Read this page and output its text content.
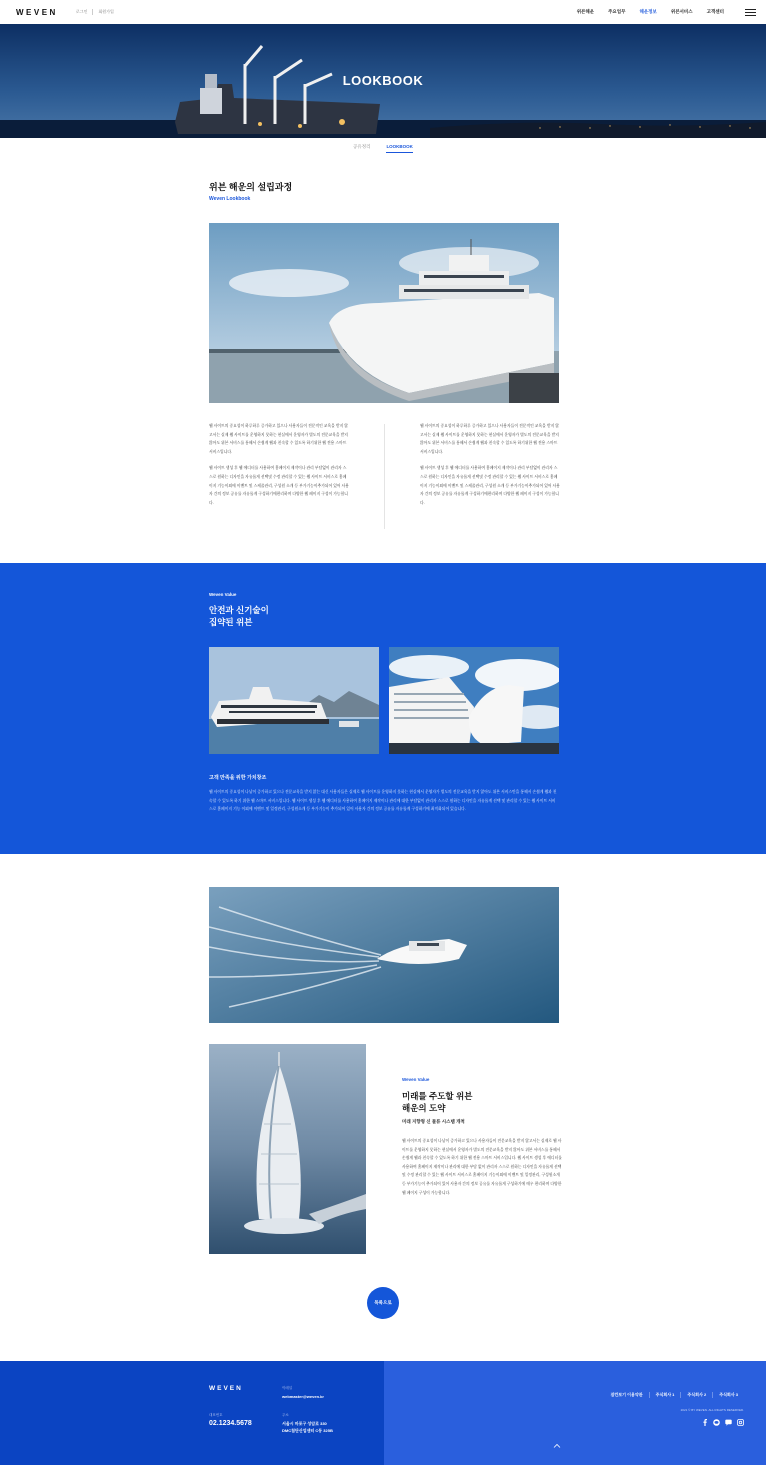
WEVEN	로그인	회원가입	위븐해운	주요업무	해운정보	위븐서비스	고객센터
LOOKBOOK
공유정리	LOOKBOOK
위븐 해운의 설립과정
Weven Lookbook

웹 사이트의 중요성이 하루하루 증가하고 있으나 사용자들이 전문적인 교육을 받지 않고서는 실제 웹 사이트를 운영하지 못하는 현실에서 운영자가 별도의 전문교육을 받지 않아도 위븐 서비스를 통해서 손쉽게 웹과 친숙할 수 있도록 하기위한 웹 전용 스마트 서비스입니다.

웹 사이트 생성 후 웹 에디터를 사용하여 홈페이지 제작이나 관리 부담없이 관리자 스스로 원하는 디자인을 자유롭게 선택및 수정 관리할 수 있는 웹 사이트 서비스로 홈페이지 기능이외에 이벤트 및 스케줄관리, 구성원 소개 등 부가기능이추가되어 있어 사용자 간의 정보 공유를 자유롭게 구성하기에편리하며 다양한 웹 페이지 구성이 가능합니다.

웹 사이트의 중요성이 하루하루 증가하고 있으나 사용자들이 전문적인 교육을 받지 않고서는 실제 웹 사이트를 운영하지 못하는 현실에서 운영자가 별도의 전문교육을 받지 않아도 위븐 서비스를 통해서 손쉽게 웹과 친숙할 수 있도록 하기위한 웹 전용 스마트 서비스입니다.

웹 사이트 생성 후 웹 에디터를 사용하여 홈페이지 제작이나 관리 부담없이 관리자 스스로 원하는 디자인을 자유롭게 선택및 수정 관리할 수 있는 웹 사이트 서비스로 홈페이지 기능이외에 이벤트 및 스케줄관리, 구성원 소개 등 부가기능이추가되어 있어 사용자 간의 정보 공유를 자유롭게 구성하기에편리하며 다양한 웹 페이지 구성이 가능합니다.

Weven Value
안전과 신기술이
집약된 위븐
고객 만족을 위한 가치창조
웹 사이트의 중요성이 나날이 증가하고 있으나 전문교육을 받지 않는 대신 사용자들은 실제로 웹 사이트를 운영하지 못하는 현실에서 운영자가 별도의 전문교육을 받지 않아도 위븐 서비스만을 통해서 손쉽게 웹과 친숙할 수 있도록 하기 위한 웹 스마트 서비스입니다. 웹 사이트 생성 후 웹 에디터를 사용하여 홈페이지 제작이나 관리에 대한 부담없이 관리자 스스로 원하는 디자인을 자유롭게 선택 및 관리할 수 있는 웹 사이트 서비스로 홈페이지 기능 이외에 이벤트 및 일정관리, 구성원소개 등 부가기능이 추가되어 있어 사용자 간의 정보 공유를 자유롭게 구성하기에 최적화되어 있습니다.
Weven Value
미래를 주도할 위븐
해운의 도약
미래 지향형 신 물류 시스템 개척
웹 사이트의 중요성이 나날이 증가하고 있으나 사용자들이 전문교육을 받지 않고서는 실제로 웹 사이트를 운영하지 못하는 현실에서 운영자가 별도의 전문교육을 받지 않아도 위븐 서비스를 통해서 손쉽게 웹과 친숙할 수 있도록 하기 위한 웹 전용 스마트 서비스입니다. 웹 사이트 생성 후 에디터를 사용하여 홈페이지 제작이나 관리에 대한 부담 없이 관리자 스스로 원하는 디자인을 자유롭게 선택 및 수정 관리할 수 있는 웹 사이트 서비스로 홈페이지 기능이외에 이벤트 및 일정관리, 구성원소개 등 부가기능이 추가되어 있어 사용자 간의 정보 공유를 자유롭게 구성하기에 매우 편리하며 다양한 웹 페이지 구성이 가능합니다.
목록으로
WEVEN	이메일
webmaster@weven.kr
대표번호
02.1234.5678
주소
서울시 마포구 성암로 330
DMC첨단산업센터 C동 325B
잠깐보기 이용약관	주식회사 1	주식회사 2	주식회사 3
2021 © BY WEVEN. ALL RIGHTS RESERVED.
